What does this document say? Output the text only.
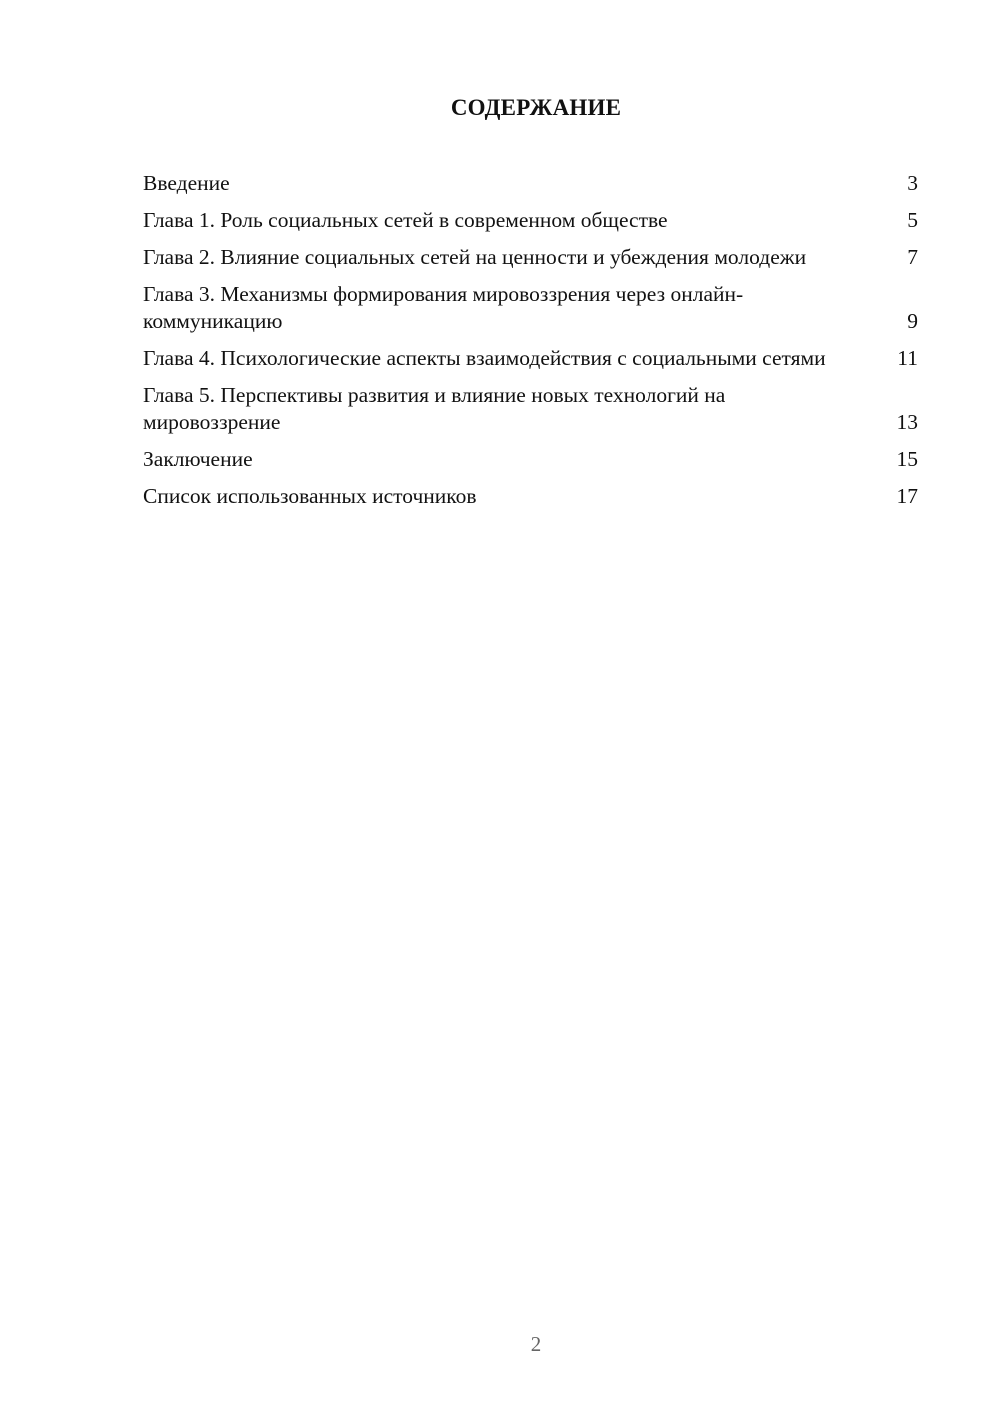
СОДЕРЖАНИЕ
Введение	3
Глава 1. Роль социальных сетей в современном обществе	5
Глава 2. Влияние социальных сетей на ценности и убеждения молодежи	7
Глава 3. Механизмы формирования мировоззрения через онлайн-коммуникацию	9
Глава 4. Психологические аспекты взаимодействия с социальными сетями	11
Глава 5. Перспективы развития и влияние новых технологий на мировоззрение	13
Заключение	15
Список использованных источников	17
2
